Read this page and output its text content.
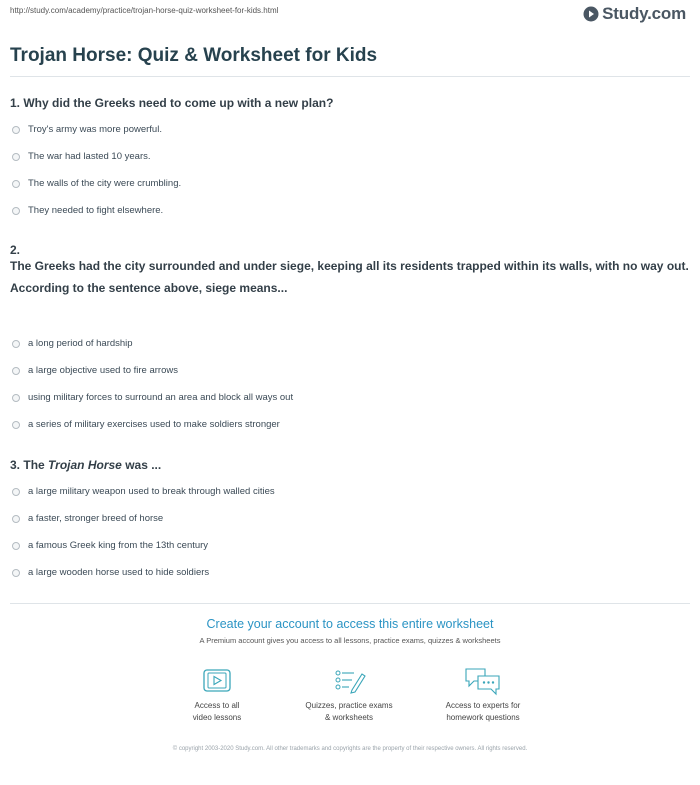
http://study.com/academy/practice/trojan-horse-quiz-worksheet-for-kids.html	Study.com
Trojan Horse: Quiz & Worksheet for Kids
1. Why did the Greeks need to come up with a new plan?
Troy's army was more powerful.
The war had lasted 10 years.
The walls of the city were crumbling.
They needed to fight elsewhere.
2.
The Greeks had the city surrounded and under siege, keeping all its residents trapped within its walls, with no way out.
According to the sentence above, siege means...
a long period of hardship
a large objective used to fire arrows
using military forces to surround an area and block all ways out
a series of military exercises used to make soldiers stronger
3. The Trojan Horse was ...
a large military weapon used to break through walled cities
a faster, stronger breed of horse
a famous Greek king from the 13th century
a large wooden horse used to hide soldiers
Create your account to access this entire worksheet
A Premium account gives you access to all lessons, practice exams, quizzes & worksheets
Access to all
video lessons
Quizzes, practice exams
& worksheets
Access to experts for
homework questions
© copyright 2003-2020 Study.com. All other trademarks and copyrights are the property of their respective owners. All rights reserved.
